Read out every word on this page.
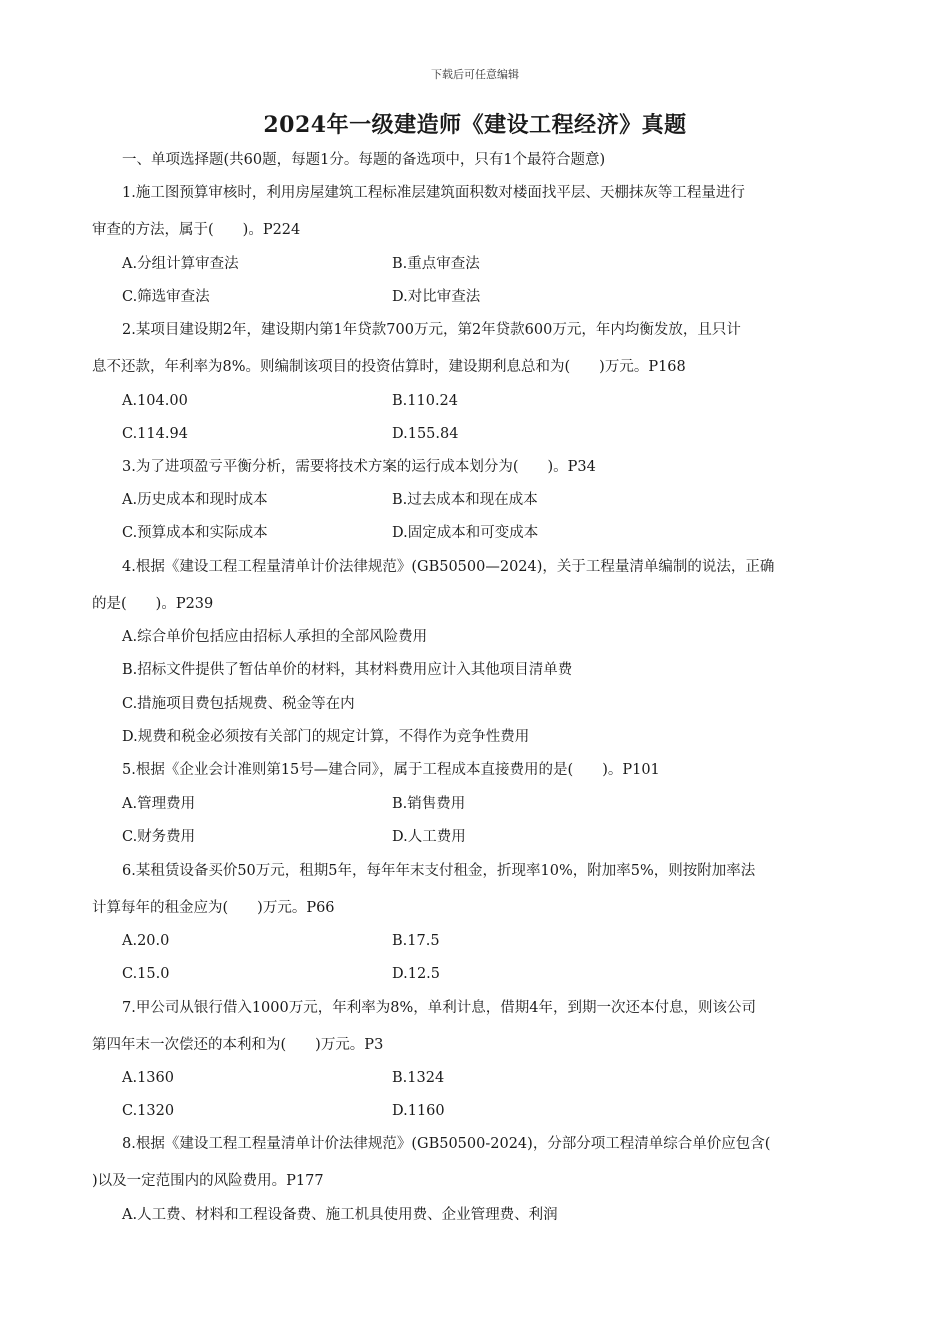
下载后可任意编辑
2024年一级建造师《建设工程经济》真题
一、单项选择题(共60题，每题1分。每题的备选项中，只有1个最符合题意)
1.施工图预算审核时，利用房屋建筑工程标准层建筑面积数对楼面找平层、天棚抹灰等工程量进行
审查的方法，属于(　　)。P224
A.分组计算审查法	B.重点审查法
C.筛选审查法	D.对比审查法
2.某项目建设期2年，建设期内第1年贷款700万元，第2年贷款600万元，年内均衡发放，且只计
息不还款，年利率为8%。则编制该项目的投资估算时，建设期利息总和为(　　)万元。P168
A.104.00	B.110.24
C.114.94	D.155.84
3.为了进项盈亏平衡分析，需要将技术方案的运行成本划分为(　　)。P34
A.历史成本和现时成本	B.过去成本和现在成本
C.预算成本和实际成本	D.固定成本和可变成本
4.根据《建设工程工程量清单计价法律规范》(GB50500—2024)，关于工程量清单编制的说法，正确
的是(　　)。P239
A.综合单价包括应由招标人承担的全部风险费用
B.招标文件提供了暂估单价的材料，其材料费用应计入其他项目清单费
C.措施项目费包括规费、税金等在内
D.规费和税金必须按有关部门的规定计算，不得作为竞争性费用
5.根据《企业会计准则第15号—建合同》，属于工程成本直接费用的是(　　)。P101
A.管理费用	B.销售费用
C.财务费用	D.人工费用
6.某租赁设备买价50万元，租期5年，每年年末支付租金，折现率10%，附加率5%，则按附加率法
计算每年的租金应为(　　)万元。P66
A.20.0	B.17.5
C.15.0	D.12.5
7.甲公司从银行借入1000万元，年利率为8%，单利计息，借期4年，到期一次还本付息，则该公司
第四年末一次偿还的本利和为(　　)万元。P3
A.1360	B.1324
C.1320	D.1160
8.根据《建设工程工程量清单计价法律规范》(GB50500-2024)，分部分项工程清单综合单价应包含(
)以及一定范围内的风险费用。P177
A.人工费、材料和工程设备费、施工机具使用费、企业管理费、利润
